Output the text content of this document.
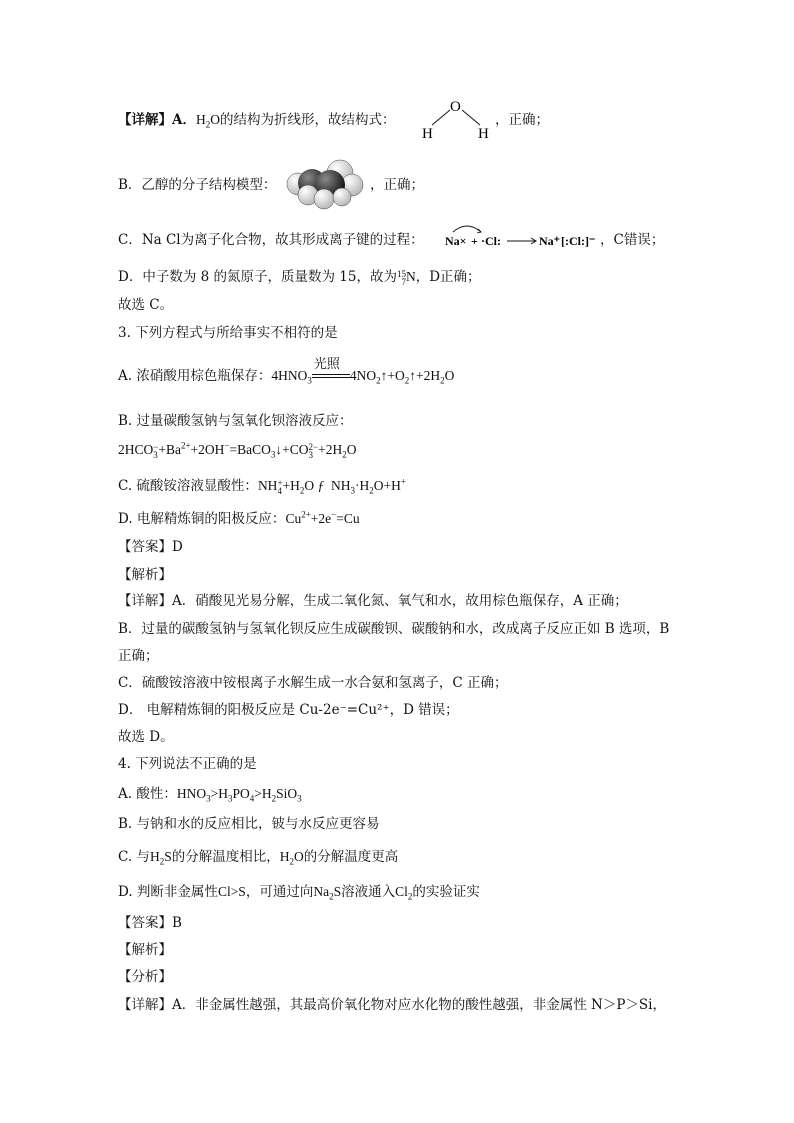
【详解】A．$H_2O$的结构为折线形，故结构式：
O
H	H
，正确；
B．乙醇的分子结构模型：	，正确；
C．Na Cl为离子化合物，故其形成离子键的过程： Na× + ·Cl:	Na⁺ [:Cl:]⁻ ，C错误；
D．中子数为 8 的氮原子，质量数为 15，故为15
7N，D正确；
故选 C。
3. 下列方程式与所给事实不相符的是
A. 浓硝酸用棕色瓶保存：$4HNO_3$
光照
$4NO_2↑+O_2↑+2H_2O$
B. 过量碳酸氢钠与氢氧化钡溶液反应：
2HCO−
$3+Ba^{2+}+2OH^-=BaCO_3↓+CO2-$
$3 +2H_2O$
C. 硫酸铵溶液显酸性：NH+
$4+H_2O$ ƒ  $NH_3\cdot H_2O+H^+$
D. 电解精炼铜的阳极反应：$Cu^{2+}+2e^-=Cu$
【答案】D
【解析】
【详解】A．硝酸见光易分解，生成二氧化氮、氧气和水，故用棕色瓶保存，A 正确；
B．过量的碳酸氢钠与氢氧化钡反应生成碳酸钡、碳酸钠和水，改成离子反应正如 B 选项，B
正确；
C．硫酸铵溶液中铵根离子水解生成一水合氨和氢离子，C 正确；
D． 电解精炼铜的阳极反应是 Cu-2e⁻=Cu²⁺，D 错误；
故选 D。
4. 下列说法不正确的是
A. 酸性：$HNO_3>H_3PO_4>H_2SiO_3$
B. 与钠和水的反应相比，铍与水反应更容易
C. 与$H_2S$的分解温度相比，$H_2O$的分解温度更高
D. 判断非金属性Cl>S，可通过向$Na_2S$溶液通入$Cl_2$的实验证实
【答案】B
【解析】
【分析】
【详解】A．非金属性越强，其最高价氧化物对应水化物的酸性越强，非金属性 N＞P＞Si，
